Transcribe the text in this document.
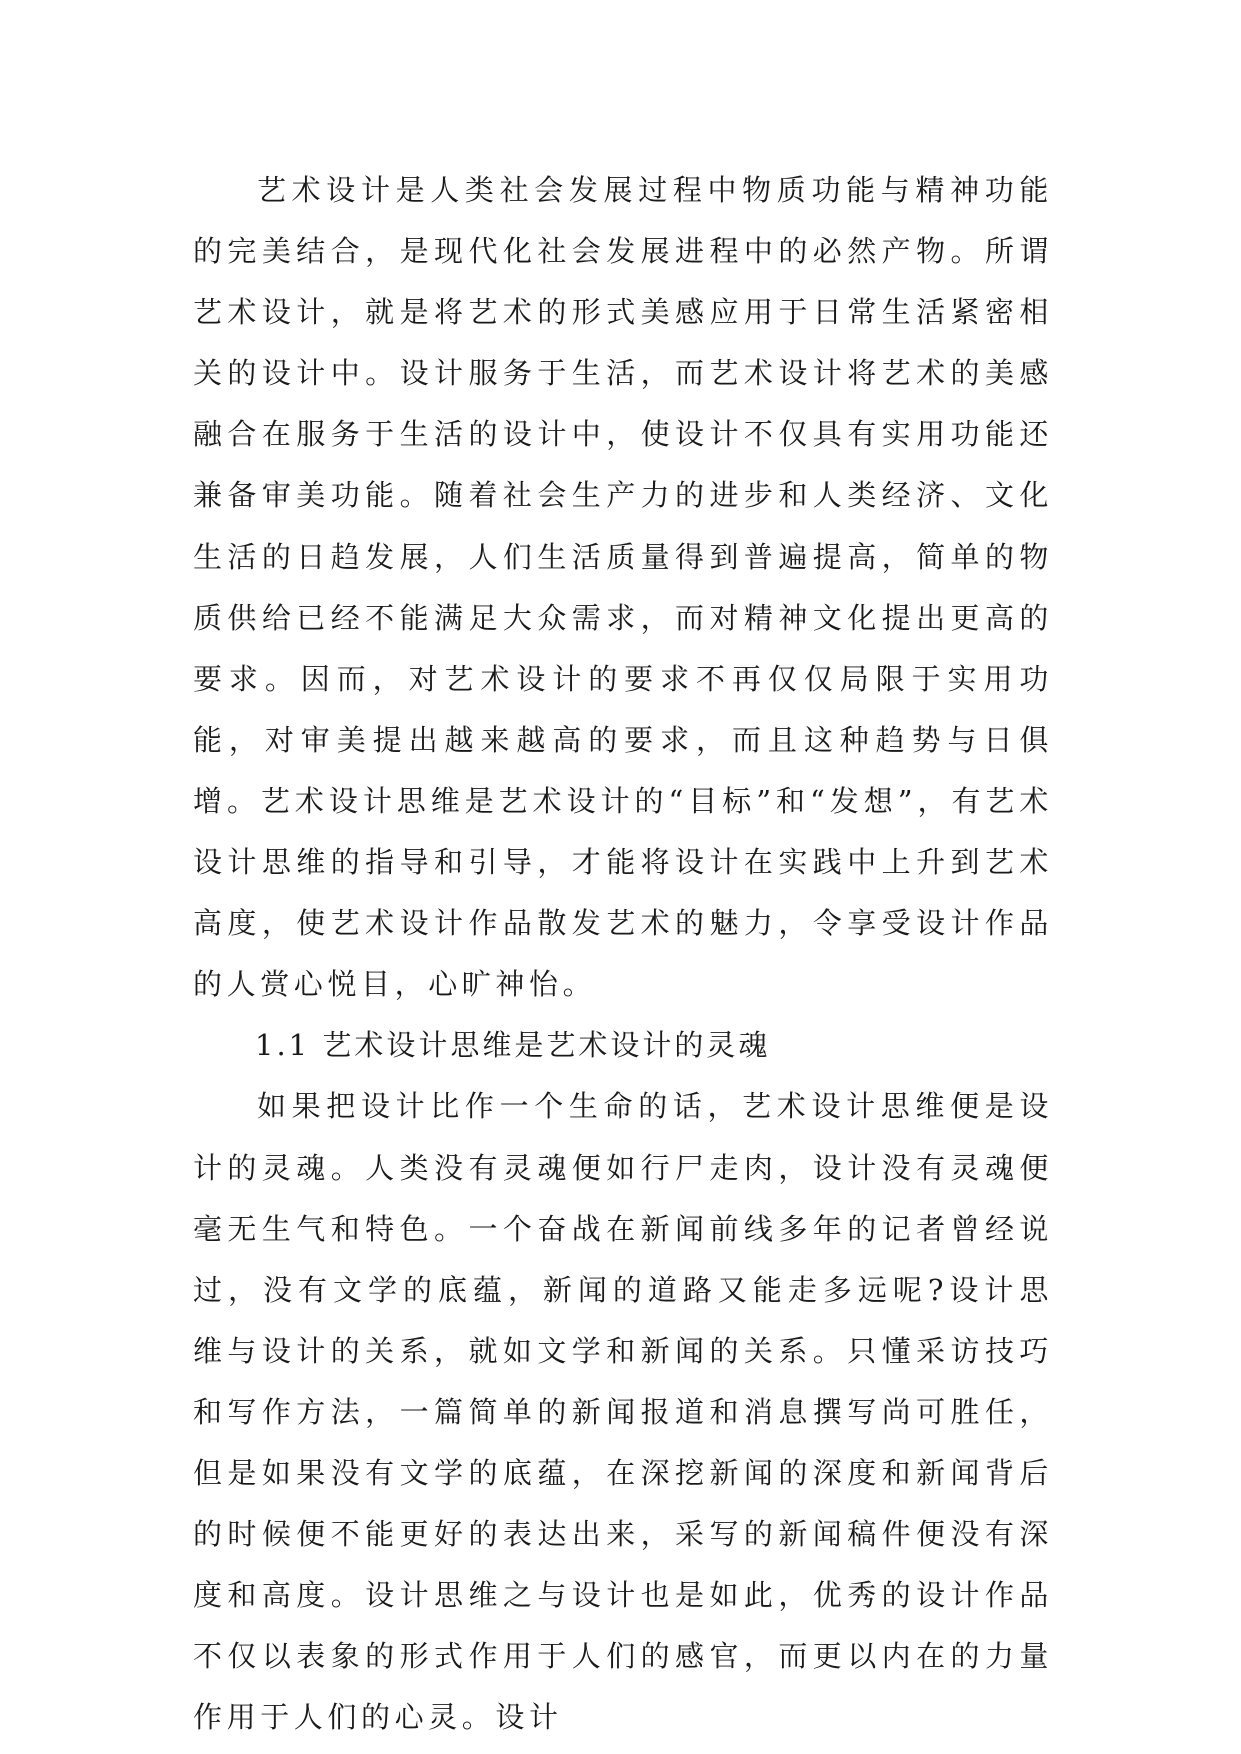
艺术设计是人类社会发展过程中物质功能与精神功能的完美结合，是现代化社会发展进程中的必然产物。所谓艺术设计，就是将艺术的形式美感应用于日常生活紧密相关的设计中。设计服务于生活，而艺术设计将艺术的美感融合在服务于生活的设计中，使设计不仅具有实用功能还兼备审美功能。随着社会生产力的进步和人类经济、文化生活的日趋发展，人们生活质量得到普遍提高，简单的物质供给已经不能满足大众需求，而对精神文化提出更高的要求。因而，对艺术设计的要求不再仅仅局限于实用功能，对审美提出越来越高的要求，而且这种趋势与日俱增。艺术设计思维是艺术设计的“目标”和“发想”，有艺术设计思维的指导和引导，才能将设计在实践中上升到艺术高度，使艺术设计作品散发艺术的魅力，令享受设计作品的人赏心悦目，心旷神怡。

1.1 艺术设计思维是艺术设计的灵魂

如果把设计比作一个生命的话，艺术设计思维便是设计的灵魂。人类没有灵魂便如行尸走肉，设计没有灵魂便毫无生气和特色。一个奋战在新闻前线多年的记者曾经说过，没有文学的底蕴，新闻的道路又能走多远呢?设计思维与设计的关系，就如文学和新闻的关系。只懂采访技巧和写作方法，一篇简单的新闻报道和消息撰写尚可胜任，但是如果没有文学的底蕴，在深挖新闻的深度和新闻背后的时候便不能更好的表达出来，采写的新闻稿件便没有深度和高度。设计思维之与设计也是如此，优秀的设计作品不仅以表象的形式作用于人们的感官，而更以内在的力量作用于人们的心灵。设计
